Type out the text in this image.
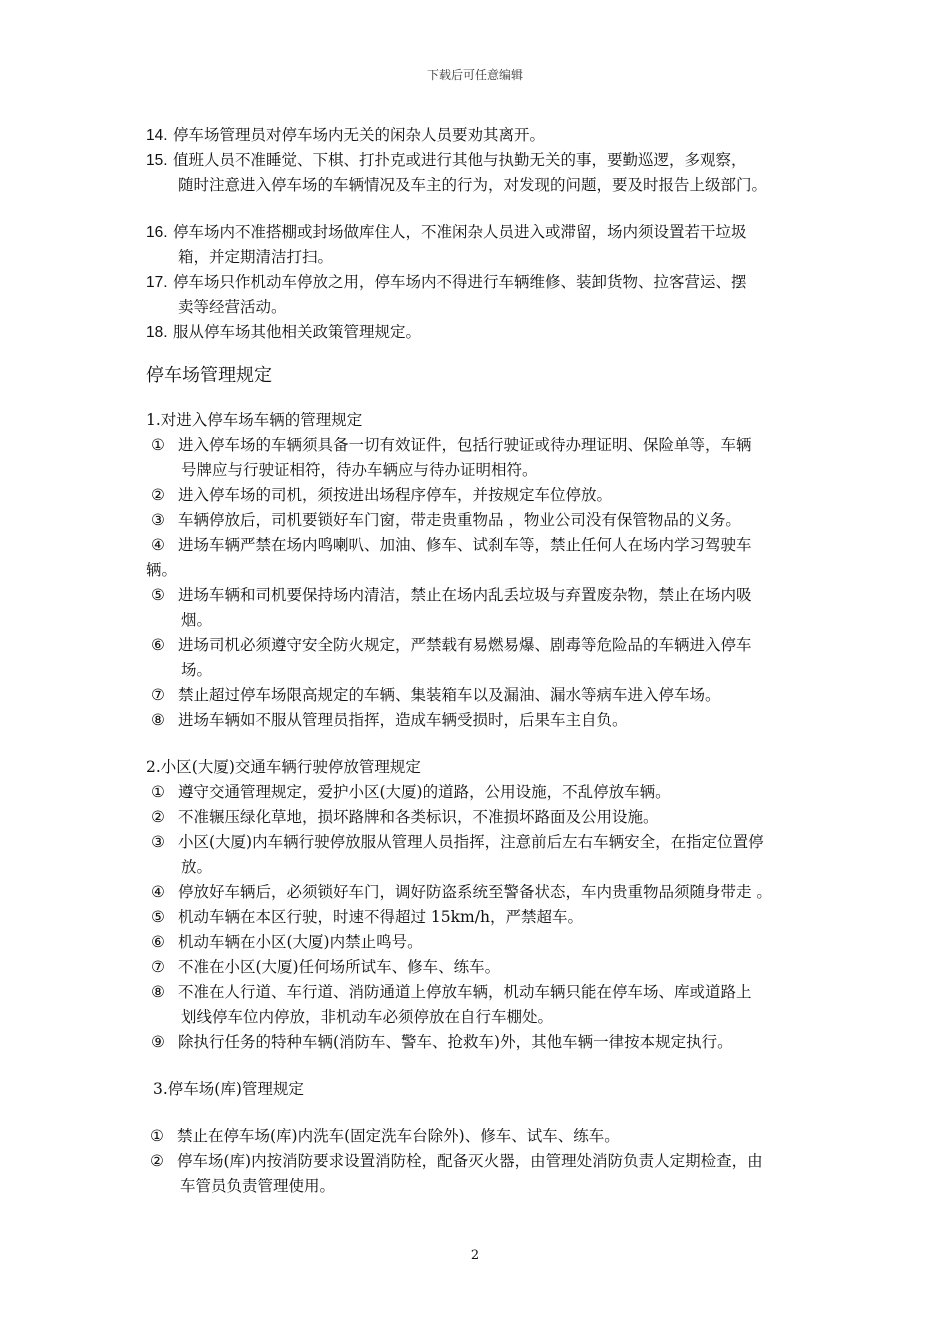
下载后可任意编辑
14. 停车场管理员对停车场内无关的闲杂人员要劝其离开。
15. 值班人员不准睡觉、下棋、打扑克或进行其他与执勤无关的事，要勤巡逻，多观察，
随时注意进入停车场的车辆情况及车主的行为，对发现的问题，要及时报告上级部门。
16. 停车场内不准搭棚或封场做库住人，不准闲杂人员进入或滞留，场内须设置若干垃圾
箱，并定期清洁打扫。
17. 停车场只作机动车停放之用，停车场内不得进行车辆维修、装卸货物、拉客营运、摆
卖等经营活动。
18. 服从停车场其他相关政策管理规定。
停车场管理规定
1.对进入停车场车辆的管理规定
① 进入停车场的车辆须具备一切有效证件，包括行驶证或待办理证明、保险单等，车辆
号牌应与行驶证相符，待办车辆应与待办证明相符。
② 进入停车场的司机，须按进出场程序停车，并按规定车位停放。
③ 车辆停放后，司机要锁好车门窗，带走贵重物品 ，物业公司没有保管物品的义务。
④ 进场车辆严禁在场内鸣喇叭、加油、修车、试刹车等，禁止任何人在场内学习驾驶车
辆。
⑤ 进场车辆和司机要保持场内清洁，禁止在场内乱丢垃圾与弃置废杂物，禁止在场内吸
烟。
⑥ 进场司机必须遵守安全防火规定，严禁载有易燃易爆、剧毒等危险品的车辆进入停车
场。
⑦ 禁止超过停车场限高规定的车辆、集装箱车以及漏油、漏水等病车进入停车场。
⑧ 进场车辆如不服从管理员指挥，造成车辆受损时，后果车主自负。
2.小区(大厦)交通车辆行驶停放管理规定
① 遵守交通管理规定，爱护小区(大厦)的道路，公用设施，不乱停放车辆。
② 不准辗压绿化草地，损坏路牌和各类标识，不准损坏路面及公用设施。
③ 小区(大厦)内车辆行驶停放服从管理人员指挥，注意前后左右车辆安全，在指定位置停
放。
④ 停放好车辆后，必须锁好车门，调好防盗系统至警备状态，车内贵重物品须随身带走 。
⑤ 机动车辆在本区行驶，时速不得超过 15km/h，严禁超车。
⑥ 机动车辆在小区(大厦)内禁止鸣号。
⑦ 不准在小区(大厦)任何场所试车、修车、练车。
⑧ 不准在人行道、车行道、消防通道上停放车辆，机动车辆只能在停车场、库或道路上
划线停车位内停放，非机动车必须停放在自行车棚处。
⑨ 除执行任务的特种车辆(消防车、警车、抢救车)外，其他车辆一律按本规定执行。
3.停车场(库)管理规定
① 禁止在停车场(库)内洗车(固定洗车台除外)、修车、试车、练车。
② 停车场(库)内按消防要求设置消防栓，配备灭火器，由管理处消防负责人定期检查，由
车管员负责管理使用。
2
